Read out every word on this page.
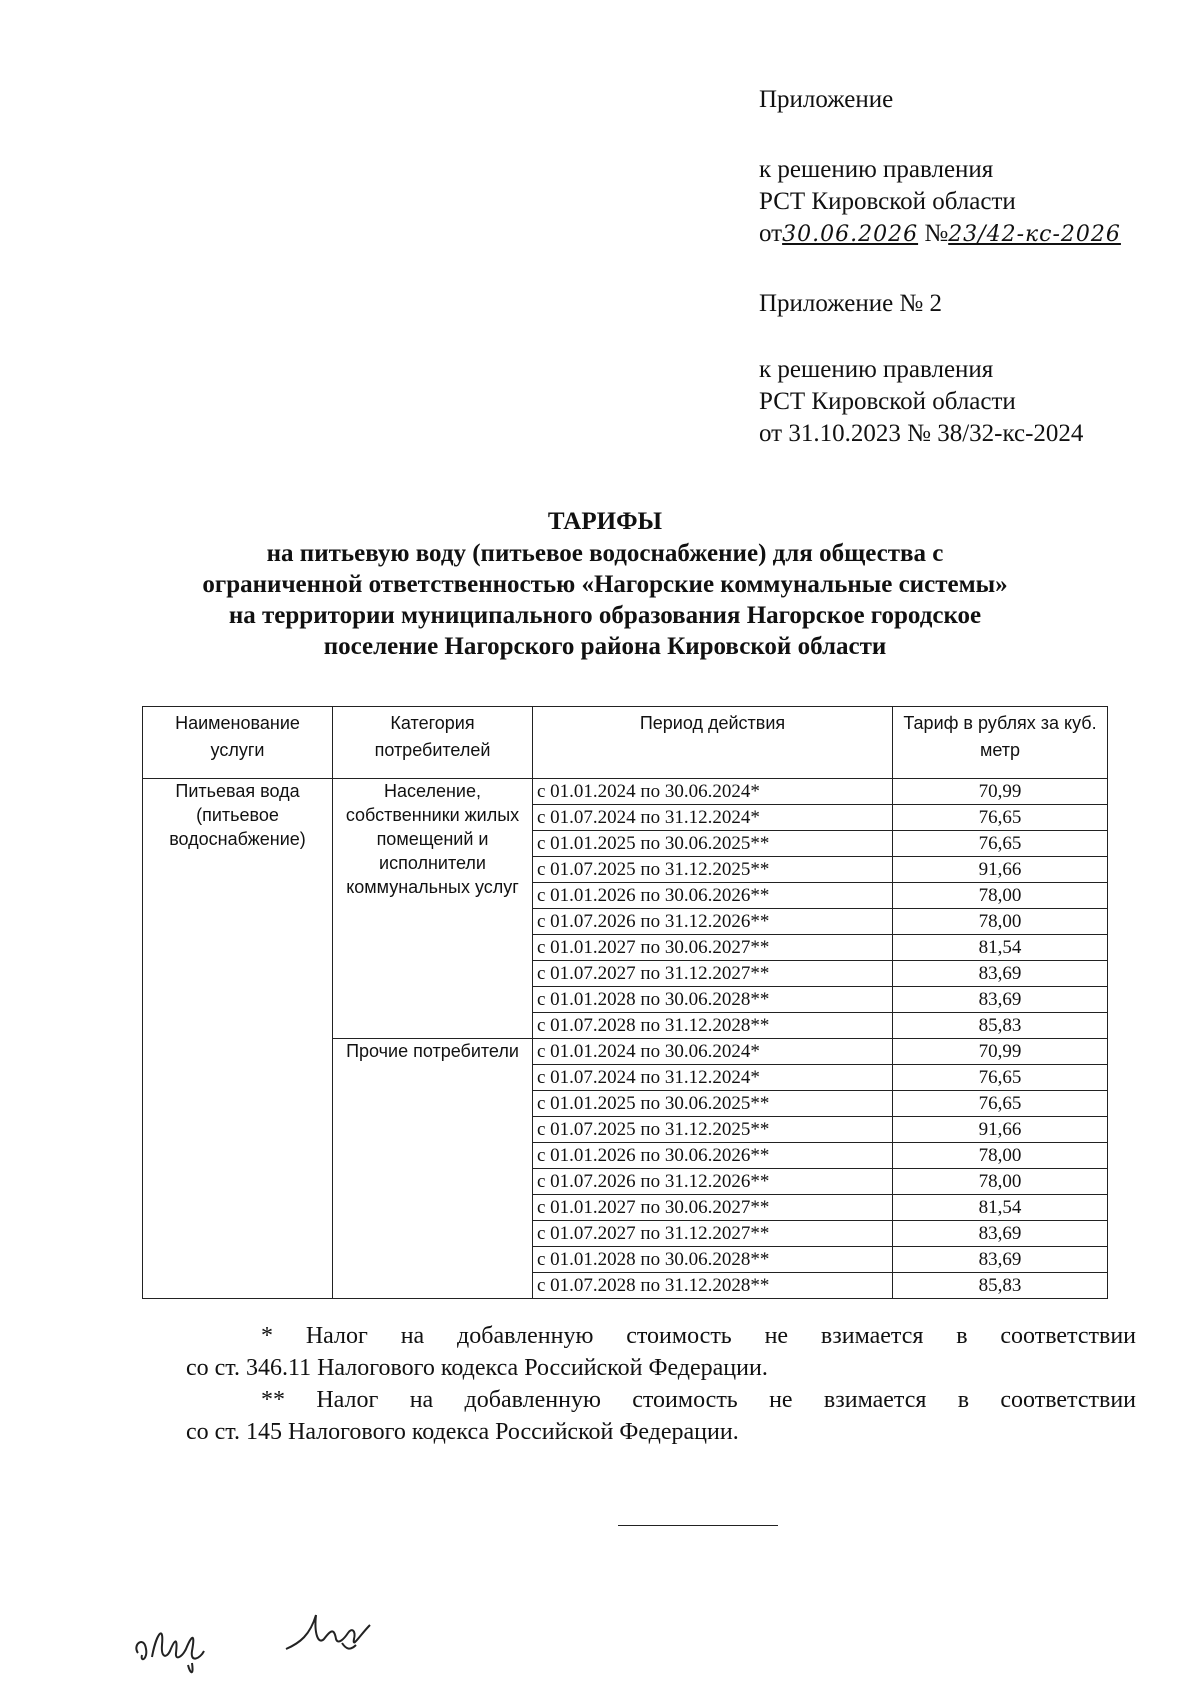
Приложение
к решению правления
РСТ Кировской области
от30.06.2026 №23/42-кс-2026
Приложение № 2
к решению правления
РСТ Кировской области
от 31.10.2023 № 38/32-кс-2024
ТАРИФЫ
на питьевую воду (питьевое водоснабжение) для общества с
ограниченной ответственностью «Нагорские коммунальные системы»
на территории муниципального образования Нагорское городское
поселение Нагорского района Кировской области
Наименование услуги	Категория потребителей	Период действия	Тариф в рублях за куб. метр
Питьевая вода (питьевое водоснабжение)	Население, собственники жилых помещений и исполнители коммунальных услуг	с 01.01.2024 по 30.06.2024*	70,99
		с 01.07.2024 по 31.12.2024*	76,65
		с 01.01.2025 по 30.06.2025**	76,65
		с 01.07.2025 по 31.12.2025**	91,66
		с 01.01.2026 по 30.06.2026**	78,00
		с 01.07.2026 по 31.12.2026**	78,00
		с 01.01.2027 по 30.06.2027**	81,54
		с 01.07.2027 по 31.12.2027**	83,69
		с 01.01.2028 по 30.06.2028**	83,69
		с 01.07.2028 по 31.12.2028**	85,83
	Прочие потребители	с 01.01.2024 по 30.06.2024*	70,99
		с 01.07.2024 по 31.12.2024*	76,65
		с 01.01.2025 по 30.06.2025**	76,65
		с 01.07.2025 по 31.12.2025**	91,66
		с 01.01.2026 по 30.06.2026**	78,00
		с 01.07.2026 по 31.12.2026**	78,00
		с 01.01.2027 по 30.06.2027**	81,54
		с 01.07.2027 по 31.12.2027**	83,69
		с 01.01.2028 по 30.06.2028**	83,69
		с 01.07.2028 по 31.12.2028**	85,83
* Налог на добавленную стоимость не взимается в соответствии
со ст. 346.11 Налогового кодекса Российской Федерации.
** Налог на добавленную стоимость не взимается в соответствии
со ст. 145 Налогового кодекса Российской Федерации.
